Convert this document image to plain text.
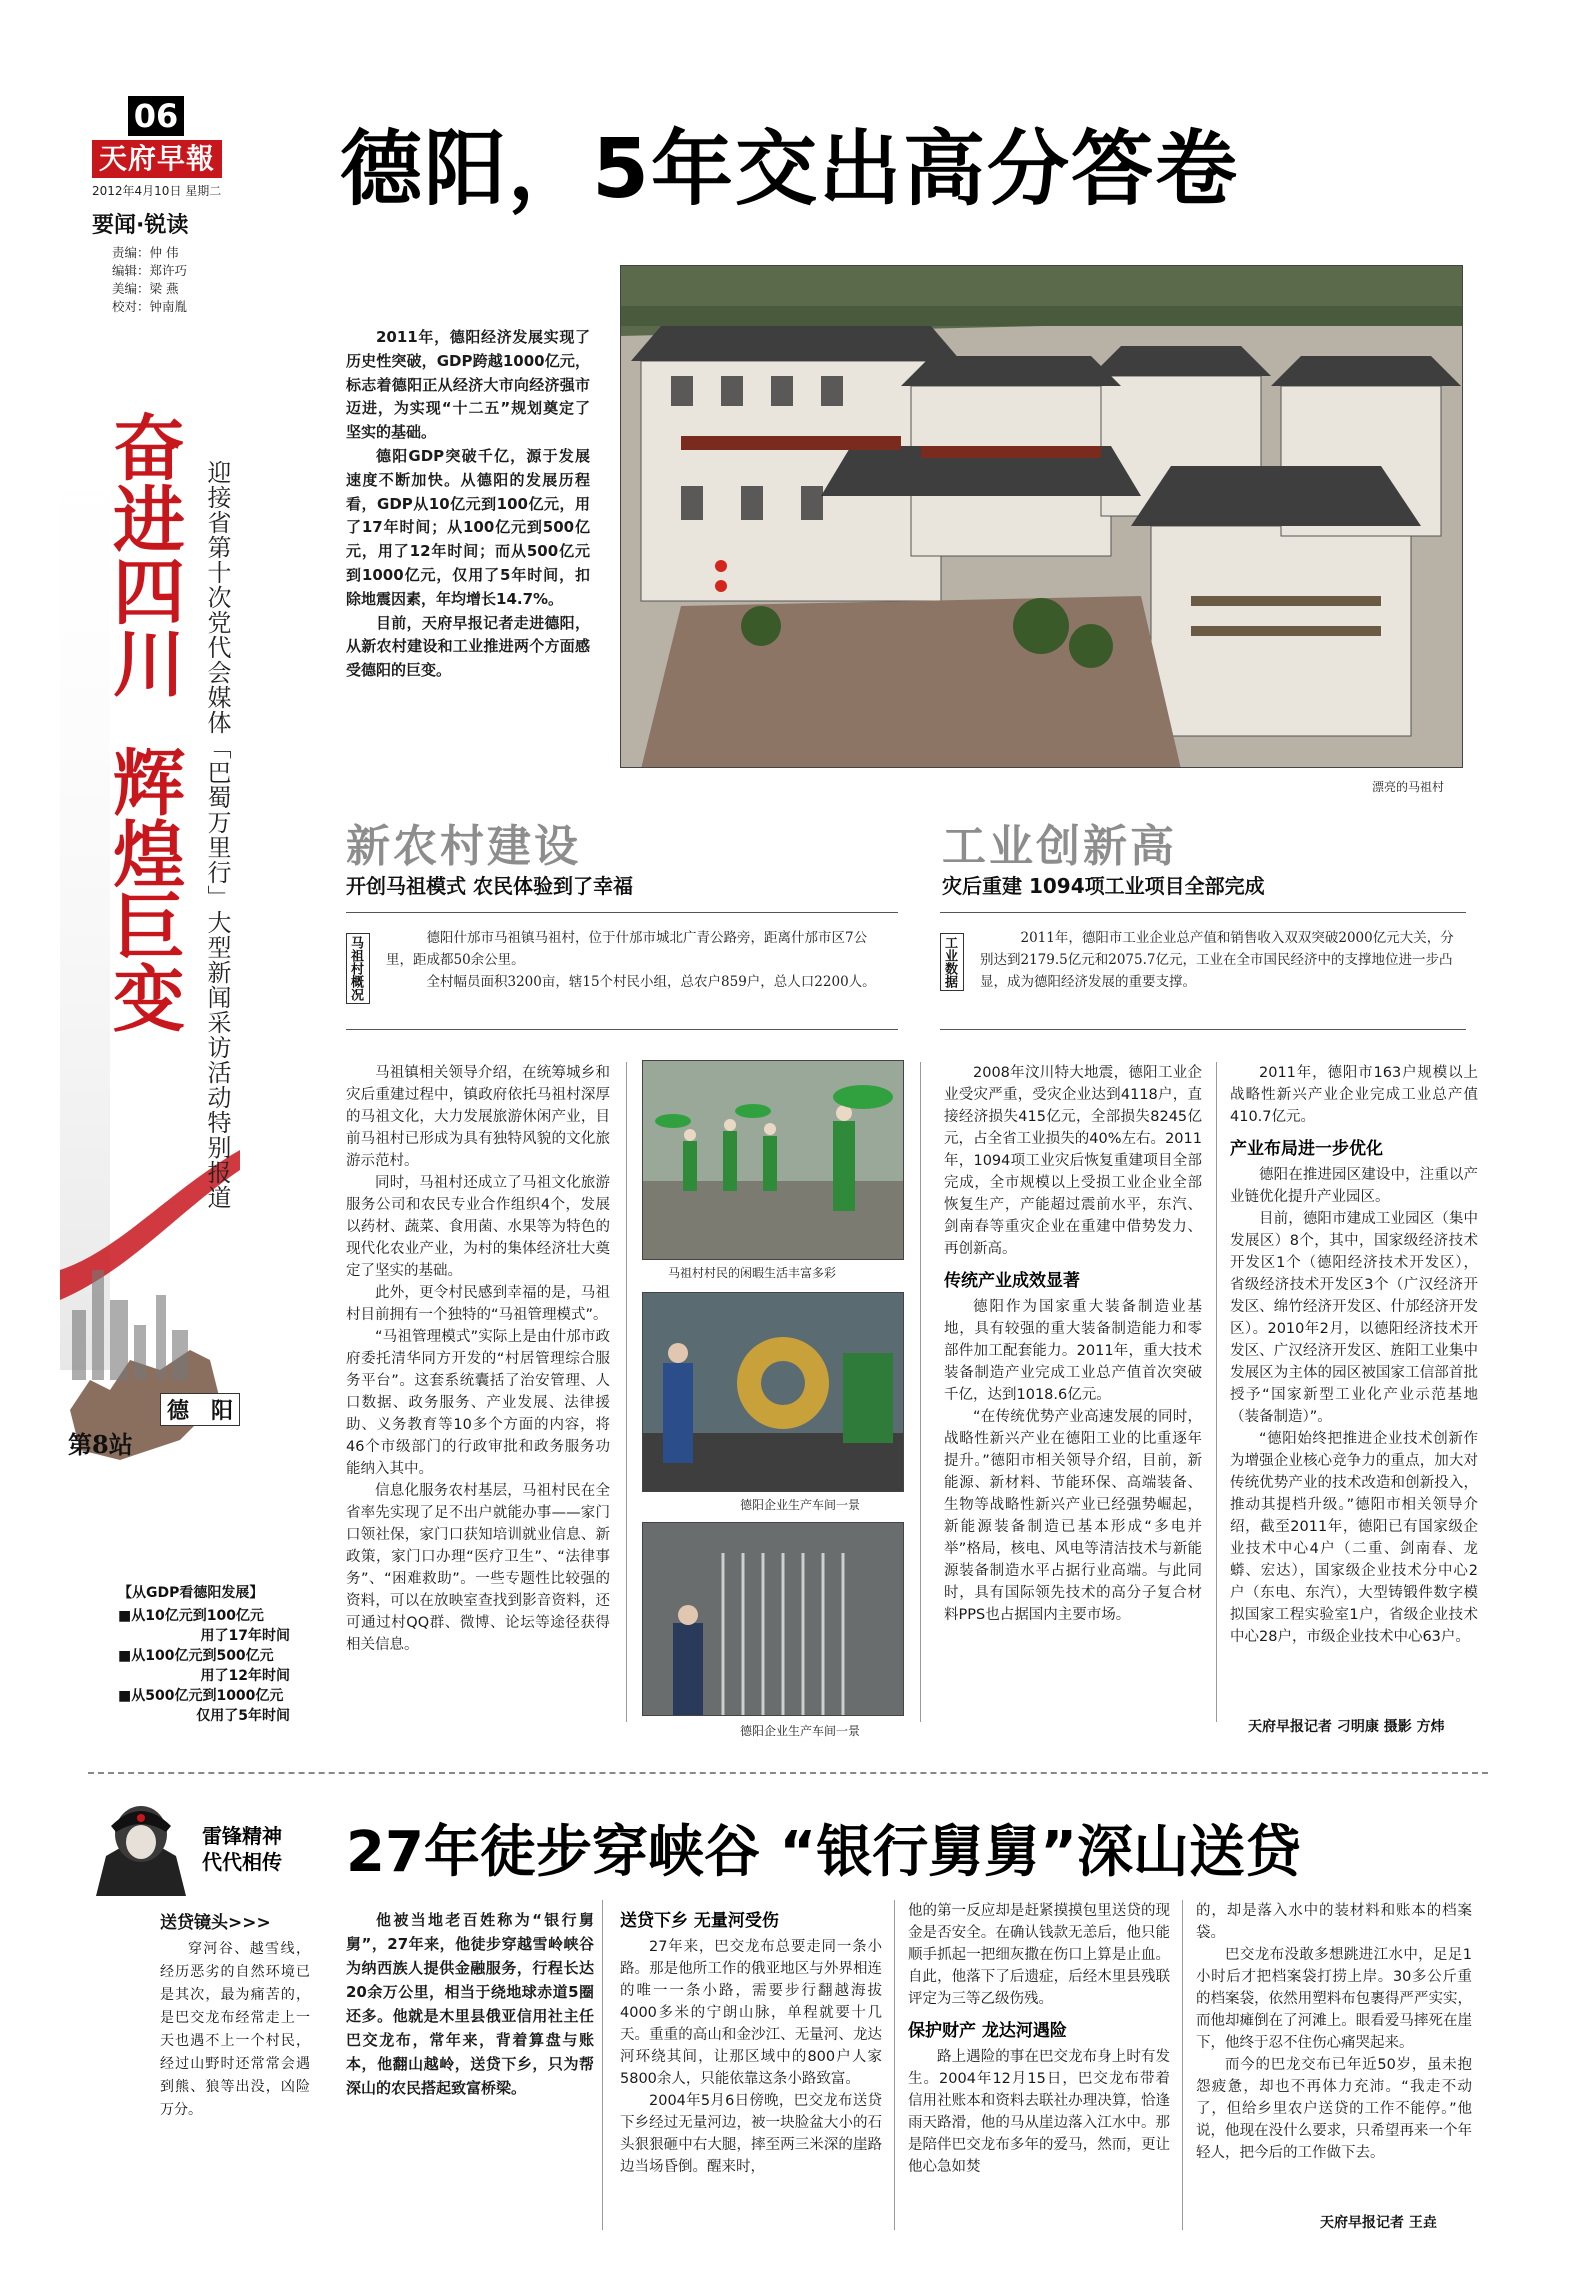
06
天府早報
2012年4月10日 星期二
要闻·锐读
责编：仲 伟
编辑：郑许巧
美编：梁 燕
校对：钟南胤
奋进四川
辉煌巨变 迎接省第十次党代会媒体「巴蜀万里行」大型新闻采访活动特别报道
德　阳
第8站
【从GDP看德阳发展】
■从10亿元到100亿元
用了17年时间
■从100亿元到500亿元
用了12年时间
■从500亿元到1000亿元
仅用了5年时间
德阳，5年交出高分答卷

2011年，德阳经济发展实现了历史性突破，GDP跨越1000亿元，标志着德阳正从经济大市向经济强市迈进，为实现“十二五”规划奠定了坚实的基础。

德阳GDP突破千亿，源于发展速度不断加快。从德阳的发展历程看，GDP从10亿元到100亿元，用了17年时间；从100亿元到500亿元，用了12年时间；而从500亿元到1000亿元，仅用了5年时间，扣除地震因素，年均增长14.7%。

目前，天府早报记者走进德阳，从新农村建设和工业推进两个方面感受德阳的巨变。

漂亮的马祖村
新农村建设
开创马祖模式 农民体验到了幸福
工业创新高
灾后重建 1094项工业项目全部完成
马祖村概况	德阳什邡市马祖镇马祖村，位于什邡市城北广青公路旁，距离什邡市区7公里，距成都50余公里。

全村幅员面积3200亩，辖15个村民小组，总农户859户，总人口2200人。	工业数据	2011年，德阳市工业企业总产值和销售收入双双突破2000亿元大关，分别达到2179.5亿元和2075.7亿元，工业在全市国民经济中的支撑地位进一步凸显，成为德阳经济发展的重要支撑。

马祖镇相关领导介绍，在统筹城乡和灾后重建过程中，镇政府依托马祖村深厚的马祖文化，大力发展旅游休闲产业，目前马祖村已形成为具有独特风貌的文化旅游示范村。

同时，马祖村还成立了马祖文化旅游服务公司和农民专业合作组织4个，发展以药材、蔬菜、食用菌、水果等为特色的现代化农业产业，为村的集体经济壮大奠定了坚实的基础。

此外，更令村民感到幸福的是，马祖村目前拥有一个独特的“马祖管理模式”。

“马祖管理模式”实际上是由什邡市政府委托清华同方开发的“村居管理综合服务平台”。这套系统囊括了治安管理、人口数据、政务服务、产业发展、法律援助、义务教育等10多个方面的内容，将46个市级部门的行政审批和政务服务功能纳入其中。

信息化服务农村基层，马祖村民在全省率先实现了足不出户就能办事——家门口领社保，家门口获知培训就业信息、新政策，家门口办理“医疗卫生”、“法律事务”、“困难救助”。一些专题性比较强的资料，可以在放映室查找到影音资料，还可通过村QQ群、微博、论坛等途径获得相关信息。

马祖村村民的闲暇生活丰富多彩
德阳企业生产车间一景
德阳企业生产车间一景

2008年汶川特大地震，德阳工业企业受灾严重，受灾企业达到4118户，直接经济损失415亿元，全部损失8245亿元，占全省工业损失的40%左右。2011年，1094项工业灾后恢复重建项目全部完成，全市规模以上受损工业企业全部恢复生产，产能超过震前水平，东汽、剑南春等重灾企业在重建中借势发力、再创新高。

传统产业成效显著

德阳作为国家重大装备制造业基地，具有较强的重大装备制造能力和零部件加工配套能力。2011年，重大技术装备制造产业完成工业总产值首次突破千亿，达到1018.6亿元。

“在传统优势产业高速发展的同时，战略性新兴产业在德阳工业的比重逐年提升。”德阳市相关领导介绍，目前，新能源、新材料、节能环保、高端装备、生物等战略性新兴产业已经强势崛起，新能源装备制造已基本形成“多电并举”格局，核电、风电等清洁技术与新能源装备制造水平占据行业高端。与此同时，具有国际领先技术的高分子复合材料PPS也占据国内主要市场。

2011年，德阳市163户规模以上战略性新兴产业企业完成工业总产值410.7亿元。

产业布局进一步优化

德阳在推进园区建设中，注重以产业链优化提升产业园区。

目前，德阳市建成工业园区（集中发展区）8个，其中，国家级经济技术开发区1个（德阳经济技术开发区），省级经济技术开发区3个（广汉经济开发区、绵竹经济开发区、什邡经济开发区）。2010年2月，以德阳经济技术开发区、广汉经济开发区、旌阳工业集中发展区为主体的园区被国家工信部首批授予“国家新型工业化产业示范基地（装备制造）”。

“德阳始终把推进企业技术创新作为增强企业核心竞争力的重点，加大对传统优势产业的技术改造和创新投入，推动其提档升级。”德阳市相关领导介绍，截至2011年，德阳已有国家级企业技术中心4户（二重、剑南春、龙蟒、宏达），国家级企业技术分中心2户（东电、东汽），大型铸锻件数字模拟国家工程实验室1户，省级企业技术中心28户，市级企业技术中心63户。

天府早报记者 刁明康 摄影 方炜
雷锋精神
代代相传 27年徒步穿峡谷 “银行舅舅”深山送贷
送贷镜头>>>
穿河谷、越雪线，经历恶劣的自然环境已是其次，最为痛苦的，是巴交龙布经常走上一天也遇不上一个村民，经过山野时还常常会遇到熊、狼等出没，凶险万分。
他被当地老百姓称为“银行舅舅”，27年来，他徒步穿越雪岭峡谷为纳西族人提供金融服务，行程长达20余万公里，相当于绕地球赤道5圈还多。他就是木里县俄亚信用社主任巴交龙布，常年来，背着算盘与账本，他翻山越岭，送贷下乡，只为帮深山的农民搭起致富桥梁。
送贷下乡 无量河受伤

27年来，巴交龙布总要走同一条小路。那是他所工作的俄亚地区与外界相连的唯一一条小路，需要步行翻越海拔4000多米的宁朗山脉，单程就要十几天。重重的高山和金沙江、无量河、龙达河环绕其间，让那区域中的800户人家5800余人，只能依靠这条小路致富。

2004年5月6日傍晚，巴交龙布送贷下乡经过无量河边，被一块脸盆大小的石头狠狠砸中右大腿，摔至两三米深的崖路边当场昏倒。醒来时，

他的第一反应却是赶紧摸摸包里送贷的现金是否安全。在确认钱款无恙后，他只能顺手抓起一把细灰撒在伤口上算是止血。自此，他落下了后遗症，后经木里县残联评定为三等乙级伤残。

保护财产 龙达河遇险

路上遇险的事在巴交龙布身上时有发生。2004年12月15日，巴交龙布带着信用社账本和资料去联社办理决算，恰逢雨天路滑，他的马从崖边落入江水中。那是陪伴巴交龙布多年的爱马，然而，更让他心急如焚

的，却是落入水中的装材料和账本的档案袋。

巴交龙布没敢多想跳进江水中，足足1小时后才把档案袋打捞上岸。30多公斤重的档案袋，依然用塑料布包裹得严严实实，而他却瘫倒在了河滩上。眼看爱马摔死在崖下，他终于忍不住伤心痛哭起来。

而今的巴龙交布已年近50岁，虽未抱怨疲惫，却也不再体力充沛。“我走不动了，但给乡里农户送贷的工作不能停。”他说，他现在没什么要求，只希望再来一个年轻人，把今后的工作做下去。

天府早报记者 王垚
